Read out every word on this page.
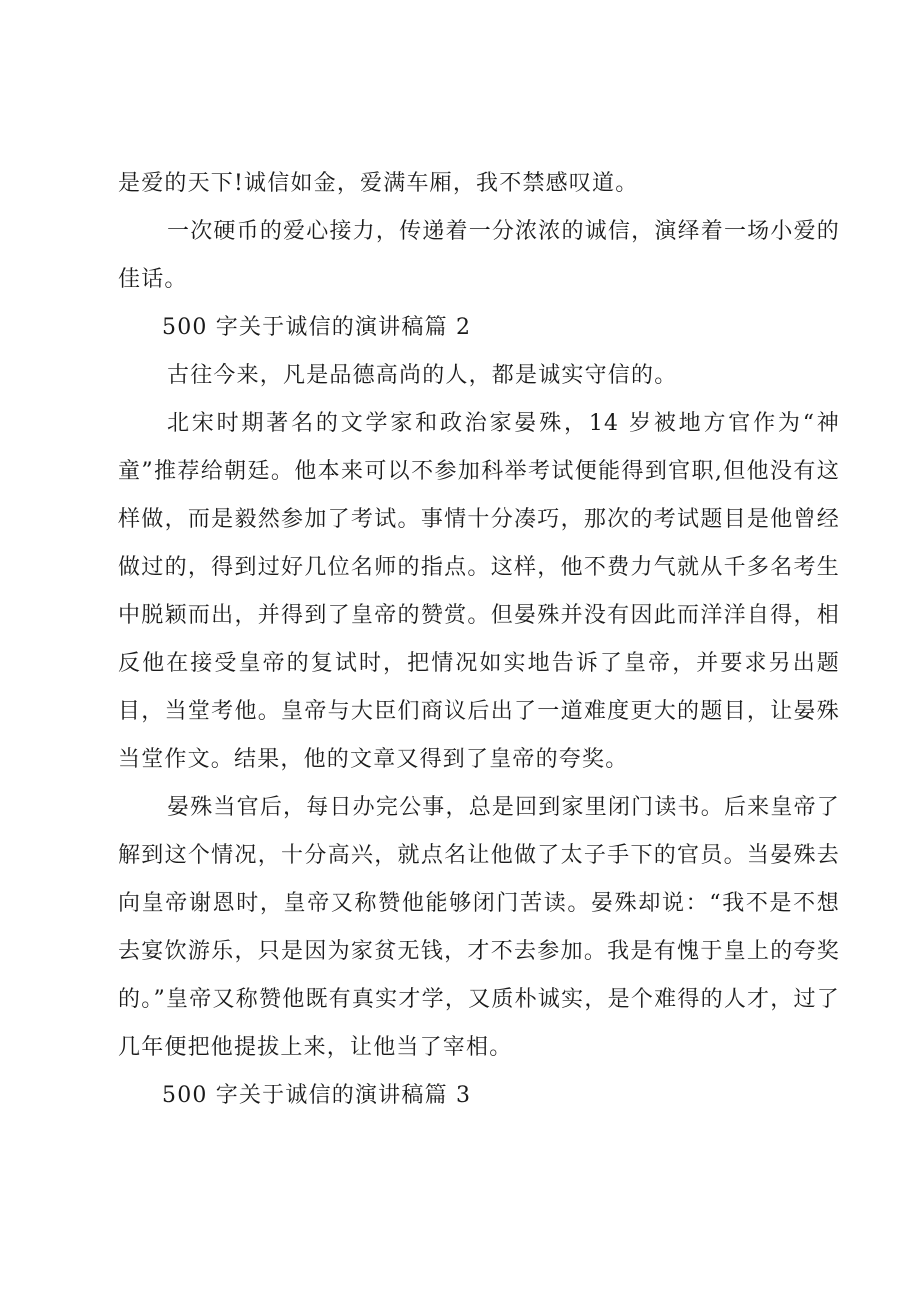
是爱的天下!诚信如金，爱满车厢，我不禁感叹道。

一次硬币的爱心接力，传递着一分浓浓的诚信，演绎着一场小爱的佳话。

500 字关于诚信的演讲稿篇 2

古往今来，凡是品德高尚的人，都是诚实守信的。

北宋时期著名的文学家和政治家晏殊，14 岁被地方官作为“神童”推荐给朝廷。他本来可以不参加科举考试便能得到官职,但他没有这样做，而是毅然参加了考试。事情十分凑巧，那次的考试题目是他曾经做过的，得到过好几位名师的指点。这样，他不费力气就从千多名考生中脱颖而出，并得到了皇帝的赞赏。但晏殊并没有因此而洋洋自得，相反他在接受皇帝的复试时，把情况如实地告诉了皇帝，并要求另出题目，当堂考他。皇帝与大臣们商议后出了一道难度更大的题目，让晏殊当堂作文。结果，他的文章又得到了皇帝的夸奖。

晏殊当官后，每日办完公事，总是回到家里闭门读书。后来皇帝了解到这个情况，十分高兴，就点名让他做了太子手下的官员。当晏殊去向皇帝谢恩时，皇帝又称赞他能够闭门苦读。晏殊却说：“我不是不想去宴饮游乐，只是因为家贫无钱，才不去参加。我是有愧于皇上的夸奖的。”皇帝又称赞他既有真实才学，又质朴诚实，是个难得的人才，过了几年便把他提拔上来，让他当了宰相。

500 字关于诚信的演讲稿篇 3
